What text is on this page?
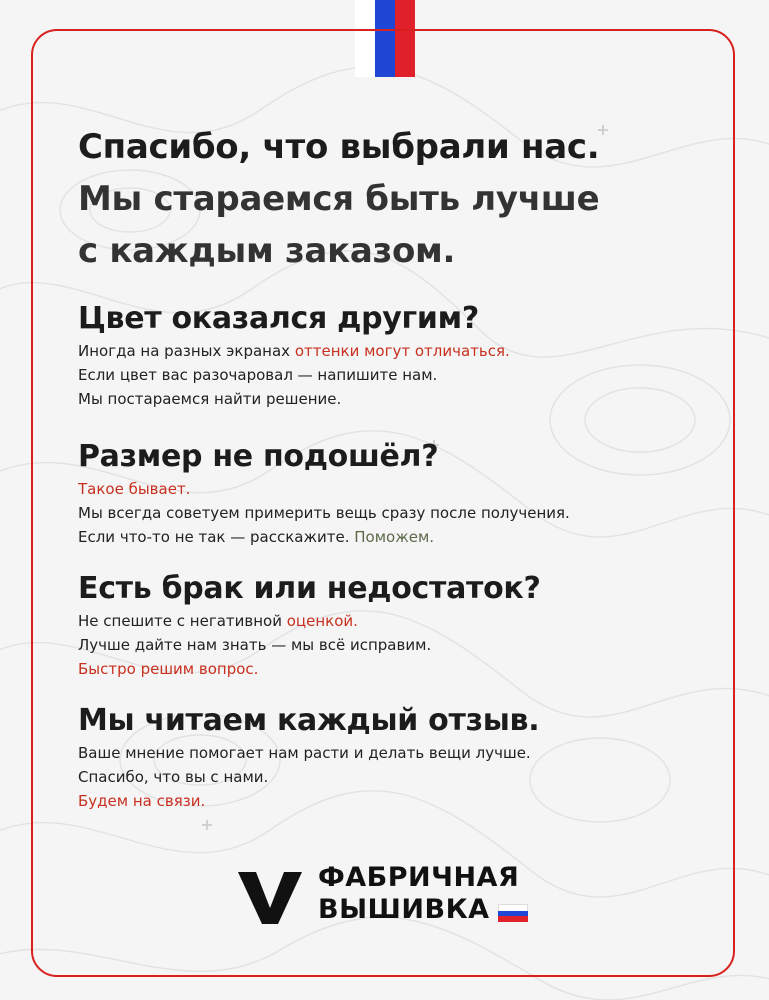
Спасибо, что выбрали нас.
Мы стараемся быть лучше
с каждым заказом.
Цвет оказался другим?

Иногда на разных экранах оттенки могут отличаться.

Если цвет вас разочаровал — напишите нам.

Мы постараемся найти решение.

Размер не подошёл?

Такое бывает.

Мы всегда советуем примерить вещь сразу после получения.

Если что-то не так — расскажите. Поможем.

Есть брак или недостаток?

Не спешите с негативной оценкой.

Лучше дайте нам знать — мы всё исправим.

Быстро решим вопрос.

Мы читаем каждый отзыв.

Ваше мнение помогает нам расти и делать вещи лучше.

Спасибо, что вы с нами.

Будем на связи.

ФАБРИЧНАЯ
ВЫШИВКА
